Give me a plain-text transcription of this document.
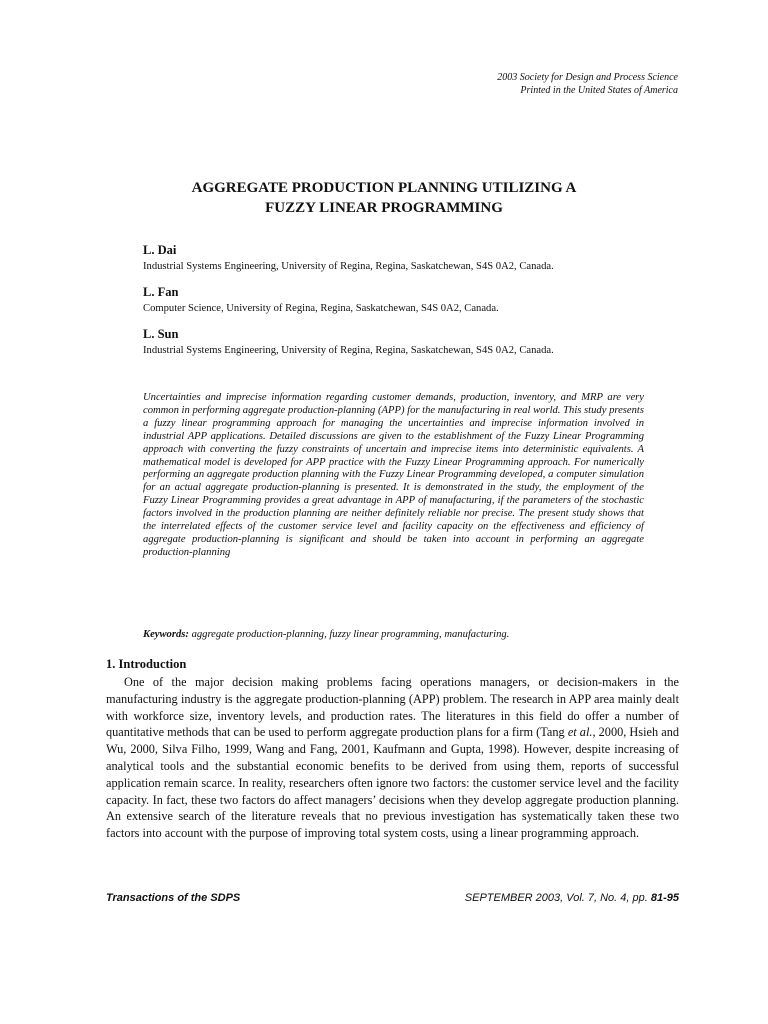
2003 Society for Design and Process Science
Printed in the United States of America
AGGREGATE PRODUCTION PLANNING UTILIZING A
FUZZY LINEAR PROGRAMMING
L. Dai
Industrial Systems Engineering, University of Regina, Regina, Saskatchewan, S4S 0A2, Canada.
L. Fan
Computer Science, University of Regina, Regina, Saskatchewan, S4S 0A2, Canada.
L. Sun
Industrial Systems Engineering, University of Regina, Regina, Saskatchewan, S4S 0A2, Canada.
Uncertainties and imprecise information regarding customer demands, production, inventory, and MRP are very common in performing aggregate production-planning (APP) for the manufacturing in real world. This study presents a fuzzy linear programming approach for managing the uncertainties and imprecise information involved in industrial APP applications. Detailed discussions are given to the establishment of the Fuzzy Linear Programming approach with converting the fuzzy constraints of uncertain and imprecise items into deterministic equivalents. A mathematical model is developed for APP practice with the Fuzzy Linear Programming approach. For numerically performing an aggregate production planning with the Fuzzy Linear Programming developed, a computer simulation for an actual aggregate production-planning is presented. It is demonstrated in the study, the employment of the Fuzzy Linear Programming provides a great advantage in APP of manufacturing, if the parameters of the stochastic factors involved in the production planning are neither definitely reliable nor precise. The present study shows that the interrelated effects of the customer service level and facility capacity on the effectiveness and efficiency of aggregate production-planning is significant and should be taken into account in performing an aggregate production-planning
Keywords: aggregate production-planning, fuzzy linear programming, manufacturing.
1. Introduction

One of the major decision making problems facing operations managers, or decision-makers in the manufacturing industry is the aggregate production-planning (APP) problem. The research in APP area mainly dealt with workforce size, inventory levels, and production rates. The literatures in this field do offer a number of quantitative methods that can be used to perform aggregate production plans for a firm (Tang et al., 2000, Hsieh and Wu, 2000, Silva Filho, 1999, Wang and Fang, 2001, Kaufmann and Gupta, 1998). However, despite increasing of analytical tools and the substantial economic benefits to be derived from using them, reports of successful application remain scarce. In reality, researchers often ignore two factors: the customer service level and the facility capacity. In fact, these two factors do affect managers’ decisions when they develop aggregate production planning. An extensive search of the literature reveals that no previous investigation has systematically taken these two factors into account with the purpose of improving total system costs, using a linear programming approach.

Transactions of the SDPS	SEPTEMBER 2003, Vol. 7, No. 4, pp. 81-95
